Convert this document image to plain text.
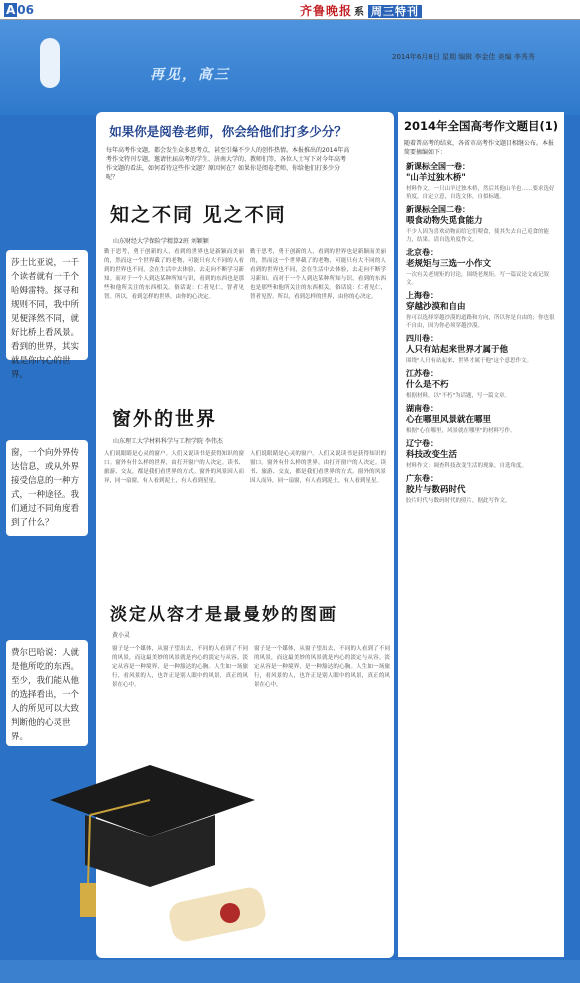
再见，高三
A 06	齐鲁晚报 系 周三特刊
2014年6月8日 星期 编辑 李金佳 美编 李秀秀
如果你是阅卷老师，你会给他们打多少分？
每年高考作文题，都会发生众多思考点，甚至引爆不少人的创作热情。本报推出的2014年高考作文特刊专题，邀请往届高考的学生、济南大学的、教师们等，各位人士写下对今年高考作文题的看法，如何看待这些作文题？原因何在？如果你是阅卷老师，你给他们打多少分呢？
莎士比亚说，一千个读者就有一千个哈姆雷特。探寻和规则不同，我中所见便泽然不同，就好比桥上看风景。看到的世界，其实就是你内心的世界。
窗，一个向外界传达信息，或从外界接受信息的一种方式，一种途径。我们通过不同角度看到了什么？
费尔巴哈说：人就是他所吃的东西。至少，我们能从他的选择看出，一个人的所见可以大致判断他的心灵世界。
知之不同 见之不同
山东财经大学保险学精算2班 刘颖颖
勤于思考，勇于创新的人，看到的世界也是新颖而美丽的，然而这一个世界截了的老物，可能只有大不同的人看到的世界也不同，会在生活中去体验，去走向不断学习新知。而对于一个人到达某种所知与识，看到的东西也是那些和他所关注的东西相关。俗话说：仁者见仁，智者见智。所以，看到怎样的世界，由你的心决定。
勤于思考，勇于创新的人，看到的世界也是新颖而美丽的，然而这一个世界截了的老物，可能只有大不同的人看到的世界也不同，会在生活中去体验，去走向不断学习新知。而对于一个人到达某种所知与识，看到的东西也是那些和他所关注的东西相关。俗话说：仁者见仁，智者见智。所以，看到怎样的世界，由你的心决定。
窗外的世界
山东理工大学材料科学与工程学院 李伟杰
人们说眼睛是心灵的窗户。人们又说读书是获得知识的窗口。窗外有什么样的世界，由打开窗户的人决定。读书、旅游、交友，都是我们看世界的方式。窗外的风景因人而异，同一扇窗，有人看到泥土，有人看到星星。
人们说眼睛是心灵的窗户。人们又说读书是获得知识的窗口。窗外有什么样的世界，由打开窗户的人决定。读书、旅游、交友，都是我们看世界的方式。窗外的风景因人而异，同一扇窗，有人看到泥土，有人看到星星。
淡定从容才是最曼妙的图画
黄小灵
窗子是一个媒体，从窗子望出去，不同的人看到了不同的风景，而这最美妙的风景就是内心的淡定与从容。淡定从容是一种境界，是一种豁达的心胸。人生如一场旅行，看风景的人，也许正是别人眼中的风景，真正的风景在心中。
窗子是一个媒体，从窗子望出去，不同的人看到了不同的风景，而这最美妙的风景就是内心的淡定与从容。淡定从容是一种境界，是一种豁达的心胸。人生如一场旅行，看风景的人，也许正是别人眼中的风景，真正的风景在心中。
2014年全国高考作文题目(1)
随着普高考的结束，各省市高考作文题目相继公布。本报简要摘编如下：
新课标全国一卷：
"山羊过独木桥"
材料作文，一只山羊过独木桥，然后其他山羊也……要求选好角度，自定立意，自选文体，自拟标题。
新课标全国二卷：
喂食动物失觅食能力
不少人因为喜欢动物而给它们喂食，使其失去自己觅食的能力，结果。请自选角度作文。
北京卷：
老规矩与三选一小作文
一次有关老规矩的讨论，围绕老规矩，写一篇议论文或记叙文。
上海卷：
穿越沙漠和自由
你可以选择穿越沙漠的道路和方向，所以你是自由的；你也很不自由，因为你必须穿越沙漠。
四川卷：
人只有站起来世界才属于他
围绕"人只有站起来，世界才属于他"这个意思作文。
江苏卷：
什么是不朽
根据材料，以"不朽"为话题，写一篇文章。
湖南卷：
心在哪里风景就在哪里
根据"心在哪里，风景就在哪里"的材料写作。
辽宁卷：
科技改变生活
材料作文：调查科技改变生活的现象，自选角度。
广东卷：
胶片与数码时代
胶片时代与数码时代的照片，据此写作文。
